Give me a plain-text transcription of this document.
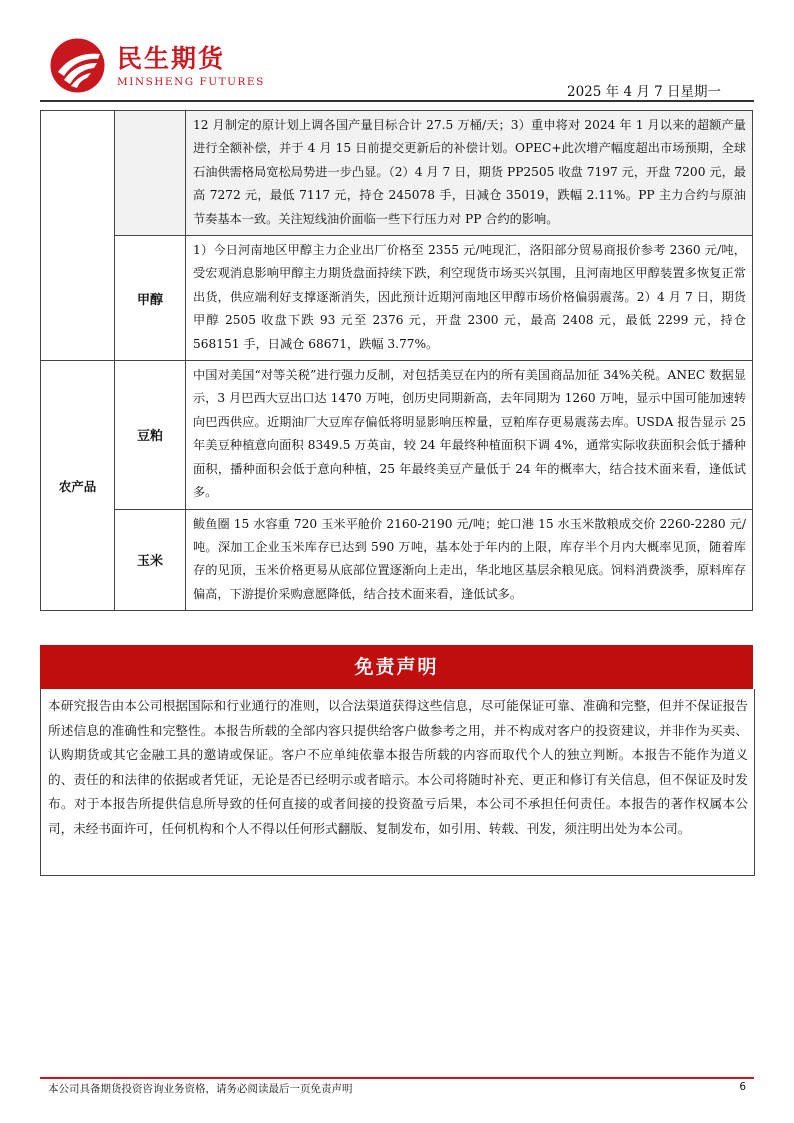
民生期货
MINSHENG FUTURES
2025 年 4 月 7 日星期一
		12 月制定的原计划上调各国产量目标合计 27.5 万桶/天；3）重申将对 2024 年 1 月以来的超额产量进行全额补偿，并于 4 月 15 日前提交更新后的补偿计划。OPEC+此次增产幅度超出市场预期，全球石油供需格局宽松局势进一步凸显。（2）4 月 7 日，期货 PP2505 收盘 7197 元，开盘 7200 元，最高 7272 元，最低 7117 元，持仓 245078 手，日减仓 35019，跌幅 2.11%。PP 主力合约与原油节奏基本一致。关注短线油价面临一些下行压力对 PP 合约的影响。
	甲醇	1）今日河南地区甲醇主力企业出厂价格至 2355 元/吨现汇，洛阳部分贸易商报价参考 2360 元/吨，受宏观消息影响甲醇主力期货盘面持续下跌，利空现货市场买兴氛围，且河南地区甲醇装置多恢复正常出货，供应端利好支撑逐渐消失，因此预计近期河南地区甲醇市场价格偏弱震荡。2）4 月 7 日，期货甲醇 2505 收盘下跌 93 元至 2376 元，开盘 2300 元，最高 2408 元，最低 2299 元，持仓 568151 手，日减仓 68671，跌幅 3.77%。
农产品	豆粕	中国对美国“对等关税”进行强力反制，对包括美豆在内的所有美国商品加征 34%关税。ANEC 数据显示，3 月巴西大豆出口达 1470 万吨，创历史同期新高，去年同期为 1260 万吨，显示中国可能加速转向巴西供应。近期油厂大豆库存偏低将明显影响压榨量，豆粕库存更易震荡去库。USDA 报告显示 25 年美豆种植意向面积 8349.5 万英亩，较 24 年最终种植面积下调 4%，通常实际收获面积会低于播种面积，播种面积会低于意向种植，25 年最终美豆产量低于 24 年的概率大，结合技术面来看，逢低试多。
	玉米	鲅鱼圈 15 水容重 720 玉米平舱价 2160-2190 元/吨；蛇口港 15 水玉米散粮成交价 2260-2280 元/吨。深加工企业玉米库存已达到 590 万吨，基本处于年内的上限，库存半个月内大概率见顶，随着库存的见顶，玉米价格更易从底部位置逐渐向上走出，华北地区基层余粮见底。饲料消费淡季，原料库存偏高，下游提价采购意愿降低，结合技术面来看，逢低试多。
免责声明
本研究报告由本公司根据国际和行业通行的准则，以合法渠道获得这些信息，尽可能保证可靠、准确和完整，但并不保证报告所述信息的准确性和完整性。本报告所载的全部内容只提供给客户做参考之用，并不构成对客户的投资建议，并非作为买卖、认购期货或其它金融工具的邀请或保证。客户不应单纯依靠本报告所载的内容而取代个人的独立判断。本报告不能作为道义的、责任的和法律的依据或者凭证，无论是否已经明示或者暗示。本公司将随时补充、更正和修订有关信息，但不保证及时发布。对于本报告所提供信息所导致的任何直接的或者间接的投资盈亏后果，本公司不承担任何责任。本报告的著作权属本公司，未经书面许可，任何机构和个人不得以任何形式翻版、复制发布，如引用、转载、刊发，须注明出处为本公司。
本公司具备期货投资咨询业务资格，请务必阅读最后一页免责声明	6
